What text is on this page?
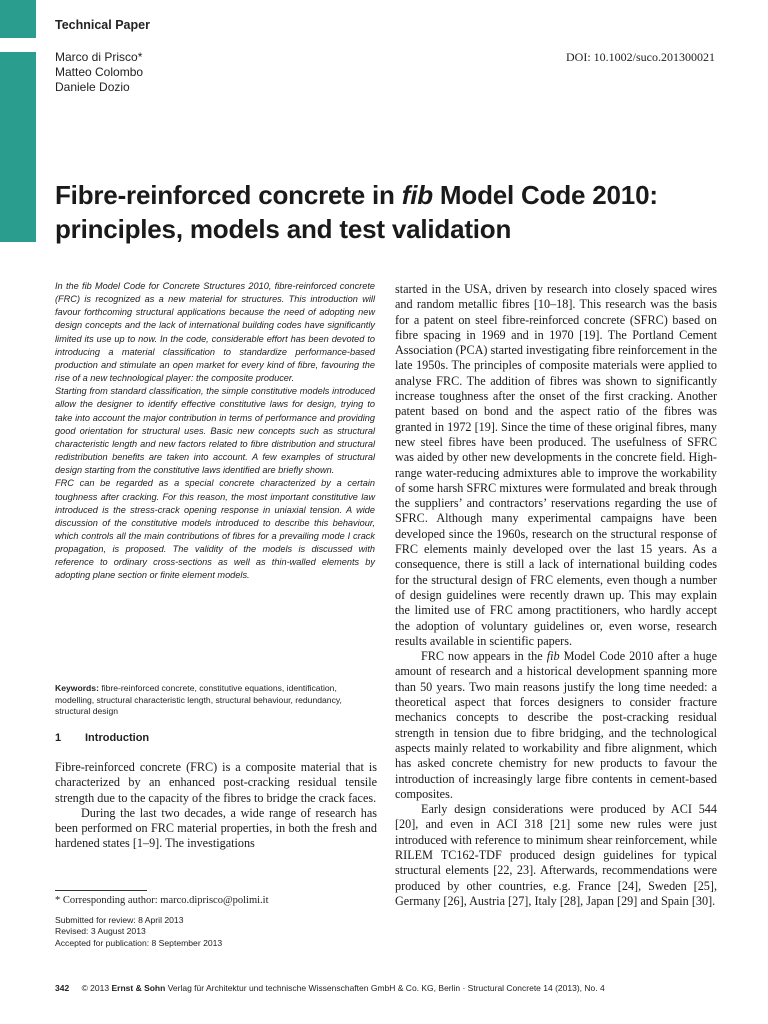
Technical Paper
Marco di Prisco*
Matteo Colombo
Daniele Dozio
DOI: 10.1002/suco.201300021
Fibre-reinforced concrete in fib Model Code 2010:
principles, models and test validation

In the fib Model Code for Concrete Structures 2010, fibre-reinforced concrete (FRC) is recognized as a new material for structures. This introduction will favour forthcoming structural applications because the need of adopting new design concepts and the lack of international building codes have significantly limited its use up to now. In the code, considerable effort has been devoted to introducing a material classification to standardize performance-based production and stimulate an open market for every kind of fibre, favouring the rise of a new technological player: the composite producer.

Starting from standard classification, the simple constitutive models introduced allow the designer to identify effective constitutive laws for design, trying to take into account the major contribution in terms of performance and providing good orientation for structural uses. Basic new concepts such as structural characteristic length and new factors related to fibre distribution and structural redistribution benefits are taken into account. A few examples of structural design starting from the constitutive laws identified are briefly shown.

FRC can be regarded as a special concrete characterized by a certain toughness after cracking. For this reason, the most important constitutive law introduced is the stress-crack opening response in uniaxial tension. A wide discussion of the constitutive models introduced to describe this behaviour, which controls all the main contributions of fibres for a prevailing mode I crack propagation, is proposed. The validity of the models is discussed with reference to ordinary cross-sections as well as thin-walled elements by adopting plane section or finite element models.

Keywords: fibre-reinforced concrete, constitutive equations, identification, modelling, structural characteristic length, structural behaviour, redundancy, structural design
1 Introduction

Fibre-reinforced concrete (FRC) is a composite material that is characterized by an enhanced post-cracking residual tensile strength due to the capacity of the fibres to bridge the crack faces.

During the last two decades, a wide range of research has been performed on FRC material properties, in both the fresh and hardened states [1–9]. The investigations

* Corresponding author: marco.diprisco@polimi.it
Submitted for review: 8 April 2013
Revised: 3 August 2013
Accepted for publication: 8 September 2013

started in the USA, driven by research into closely spaced wires and random metallic fibres [10–18]. This research was the basis for a patent on steel fibre-reinforced concrete (SFRC) based on fibre spacing in 1969 and in 1970 [19]. The Portland Cement Association (PCA) started investigating fibre reinforcement in the late 1950s. The principles of composite materials were applied to analyse FRC. The addition of fibres was shown to significantly increase toughness after the onset of the first cracking. Another patent based on bond and the aspect ratio of the fibres was granted in 1972 [19]. Since the time of these original fibres, many new steel fibres have been produced. The usefulness of SFRC was aided by other new developments in the concrete field. High-range water-reducing admixtures able to improve the workability of some harsh SFRC mixtures were formulated and break through the suppliers’ and contractors’ reservations regarding the use of SFRC. Although many experimental campaigns have been developed since the 1960s, research on the structural response of FRC elements mainly developed over the last 15 years. As a consequence, there is still a lack of international building codes for the structural design of FRC elements, even though a number of design guidelines were recently drawn up. This may explain the limited use of FRC among practitioners, who hardly accept the adoption of voluntary guidelines or, even worse, research results available in scientific papers.

FRC now appears in the fib Model Code 2010 after a huge amount of research and a historical development spanning more than 50 years. Two main reasons justify the long time needed: a theoretical aspect that forces designers to consider fracture mechanics concepts to describe the post-cracking residual strength in tension due to fibre bridging, and the technological aspects mainly related to workability and fibre alignment, which has asked concrete chemistry for new products to favour the introduction of increasingly large fibre contents in cement-based composites.

Early design considerations were produced by ACI 544 [20], and even in ACI 318 [21] some new rules were just introduced with reference to minimum shear reinforcement, while RILEM TC162-TDF produced design guidelines for typical structural elements [22, 23]. Afterwards, recommendations were produced by other countries, e.g. France [24], Sweden [25], Germany [26], Austria [27], Italy [28], Japan [29] and Spain [30].

342 © 2013 Ernst & Sohn Verlag für Architektur und technische Wissenschaften GmbH & Co. KG, Berlin · Structural Concrete 14 (2013), No. 4
